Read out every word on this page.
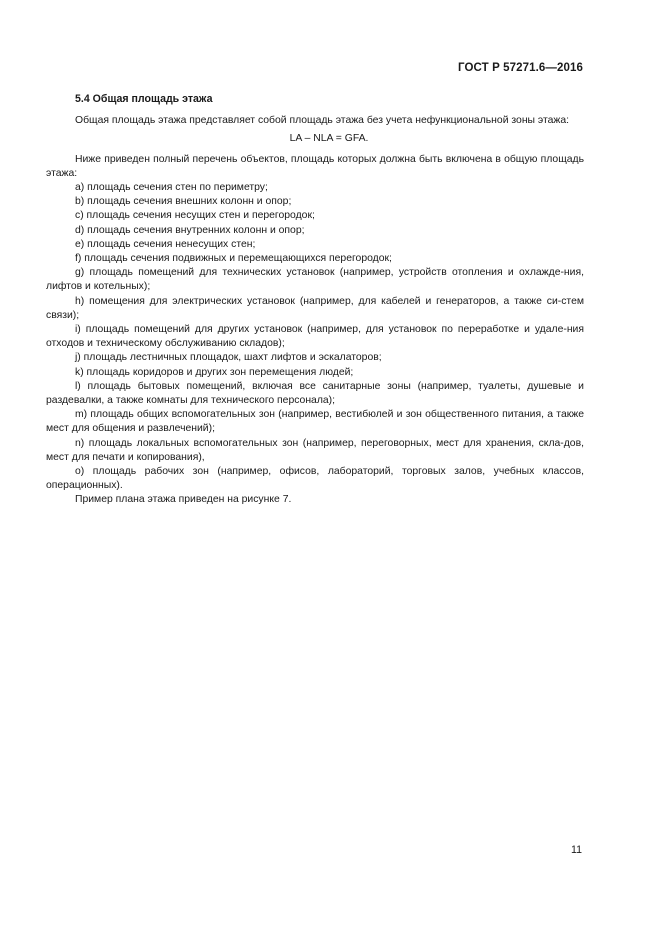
ГОСТ Р 57271.6—2016
5.4 Общая площадь этажа

Общая площадь этажа представляет собой площадь этажа без учета нефункциональной зоны этажа:

LA – NLA = GFA.

Ниже приведен полный перечень объектов, площадь которых должна быть включена в общую площадь этажа:

a) площадь сечения стен по периметру;
b) площадь сечения внешних колонн и опор;
c) площадь сечения несущих стен и перегородок;
d) площадь сечения внутренних колонн и опор;
e) площадь сечения ненесущих стен;
f) площадь сечения подвижных и перемещающихся перегородок;
g) площадь помещений для технических установок (например, устройств отопления и охлажде-ния, лифтов и котельных);
h) помещения для электрических установок (например, для кабелей и генераторов, а также си-стем связи);
i) площадь помещений для других установок (например, для установок по переработке и удале-ния отходов и техническому обслуживанию складов);
j) площадь лестничных площадок, шахт лифтов и эскалаторов;
k) площадь коридоров и других зон перемещения людей;
l) площадь бытовых помещений, включая все санитарные зоны (например, туалеты, душевые и раздевалки, а также комнаты для технического персонала);
m) площадь общих вспомогательных зон (например, вестибюлей и зон общественного питания, а также мест для общения и развлечений);
n) площадь локальных вспомогательных зон (например, переговорных, мест для хранения, скла-дов, мест для печати и копирования),
o) площадь рабочих зон (например, офисов, лабораторий, торговых залов, учебных классов, операционных).

Пример плана этажа приведен на рисунке 7.

11
